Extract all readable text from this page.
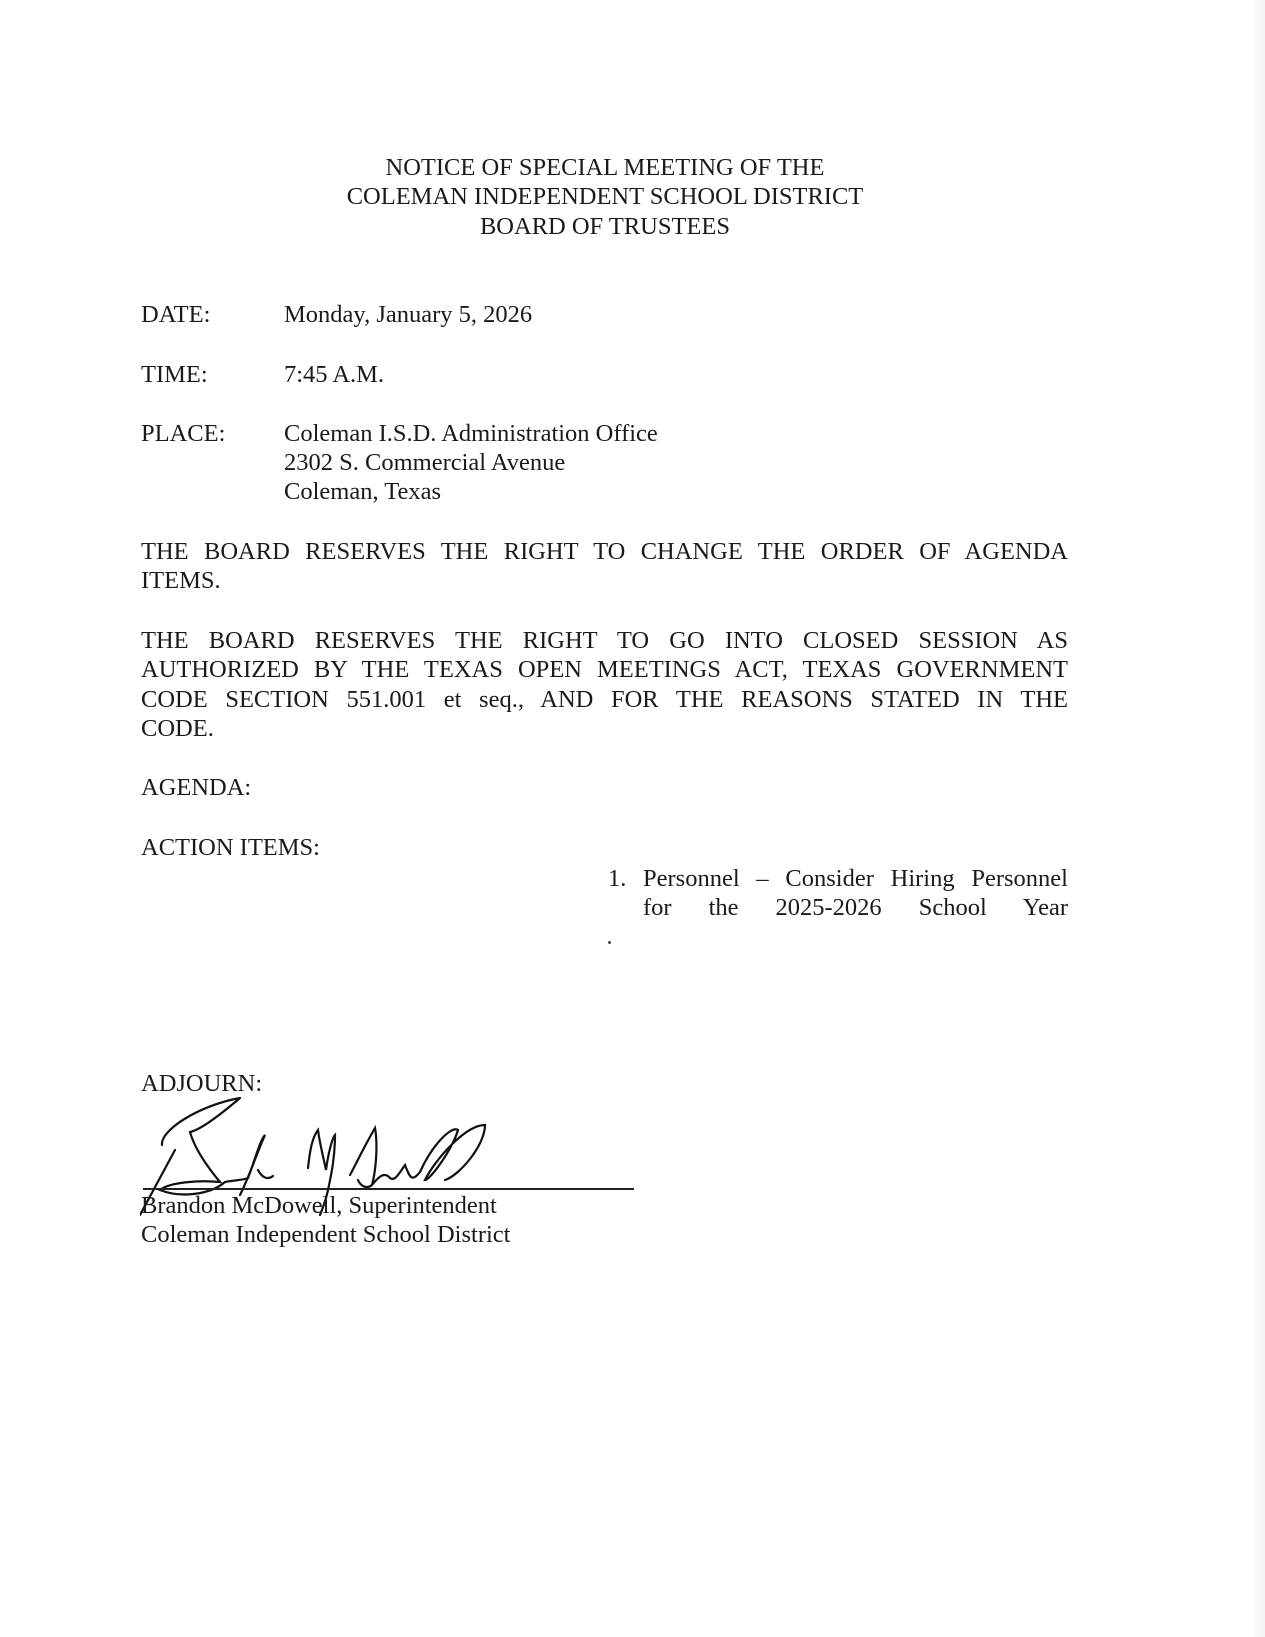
NOTICE OF SPECIAL MEETING OF THE
COLEMAN INDEPENDENT SCHOOL DISTRICT
BOARD OF TRUSTEES
DATE:	Monday, January 5, 2026
TIME:	7:45 A.M.
PLACE: Coleman I.S.D. Administration Office
2302 S. Commercial Avenue
Coleman, Texas
THE BOARD RESERVES THE RIGHT TO CHANGE THE ORDER OF AGENDA
ITEMS.
THE BOARD RESERVES THE RIGHT TO GO INTO CLOSED SESSION AS
AUTHORIZED BY THE TEXAS OPEN MEETINGS ACT, TEXAS GOVERNMENT
CODE SECTION 551.001 et seq., AND FOR THE REASONS STATED IN THE
CODE.
AGENDA:
ACTION ITEMS:
1. Personnel – Consider Hiring Personnel
for the 2025-2026 School Year
ADJOURN:
Brandon McDowell, Superintendent
Coleman Independent School District
